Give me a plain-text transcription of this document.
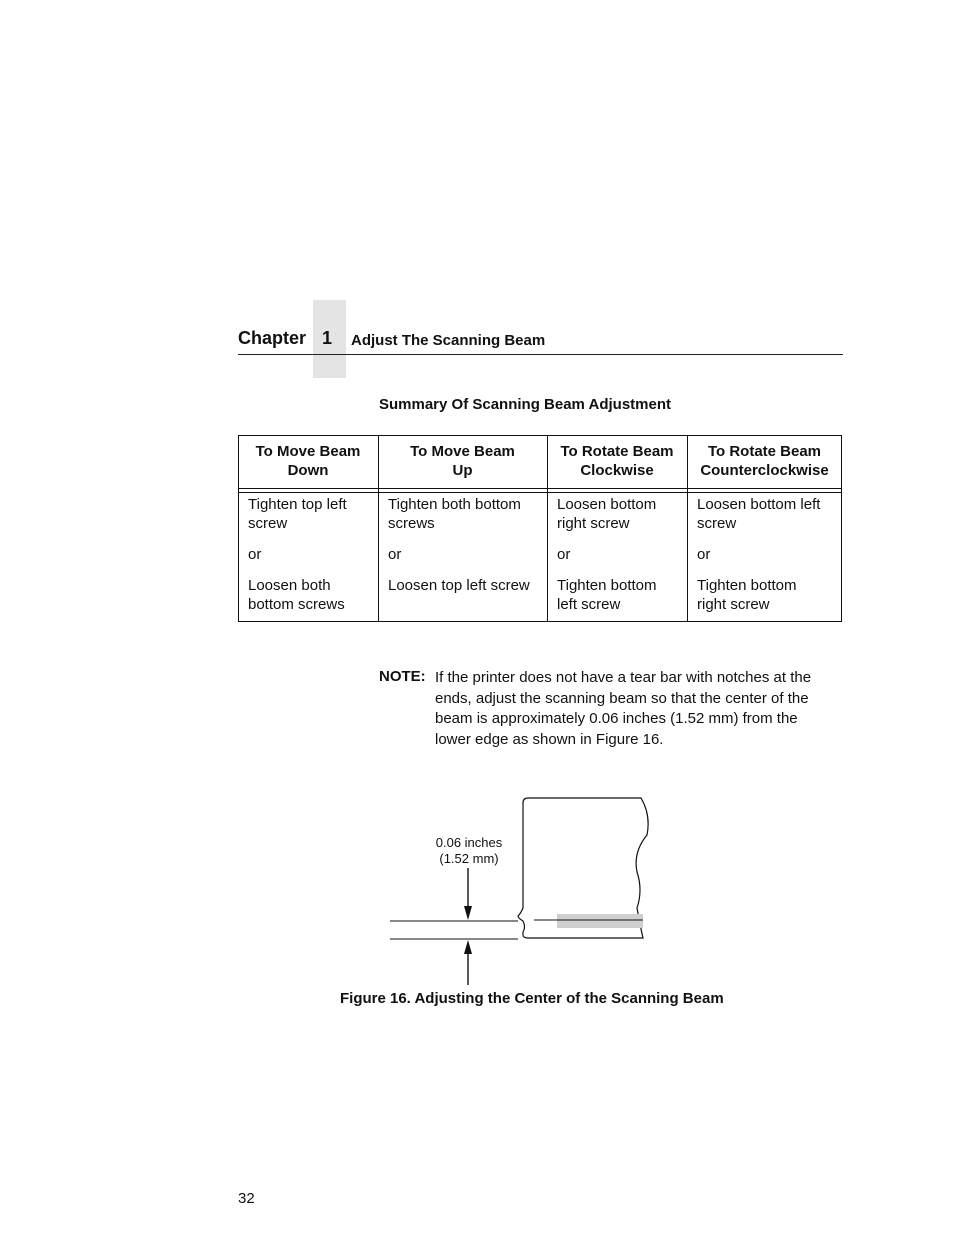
Chapter 1	Adjust The Scanning Beam
Summary Of Scanning Beam Adjustment
To Move Beam
Down
Tighten top left
screw
or
Loosen both
bottom screws
To Move Beam
Up
Tighten both bottom
screws
or
Loosen top left screw
To Rotate Beam
Clockwise
Loosen bottom
right screw
or
Tighten bottom
left screw
To Rotate Beam
Counterclockwise
Loosen bottom left
screw
or
Tighten bottom
right screw
NOTE: If the printer does not have a tear bar with notches at the
ends, adjust the scanning beam so that the center of the
beam is approximately 0.06 inches (1.52 mm) from the
lower edge as shown in Figure 16.
0.06 inches
(1.52 mm)
Figure 16. Adjusting the Center of the Scanning Beam
32
